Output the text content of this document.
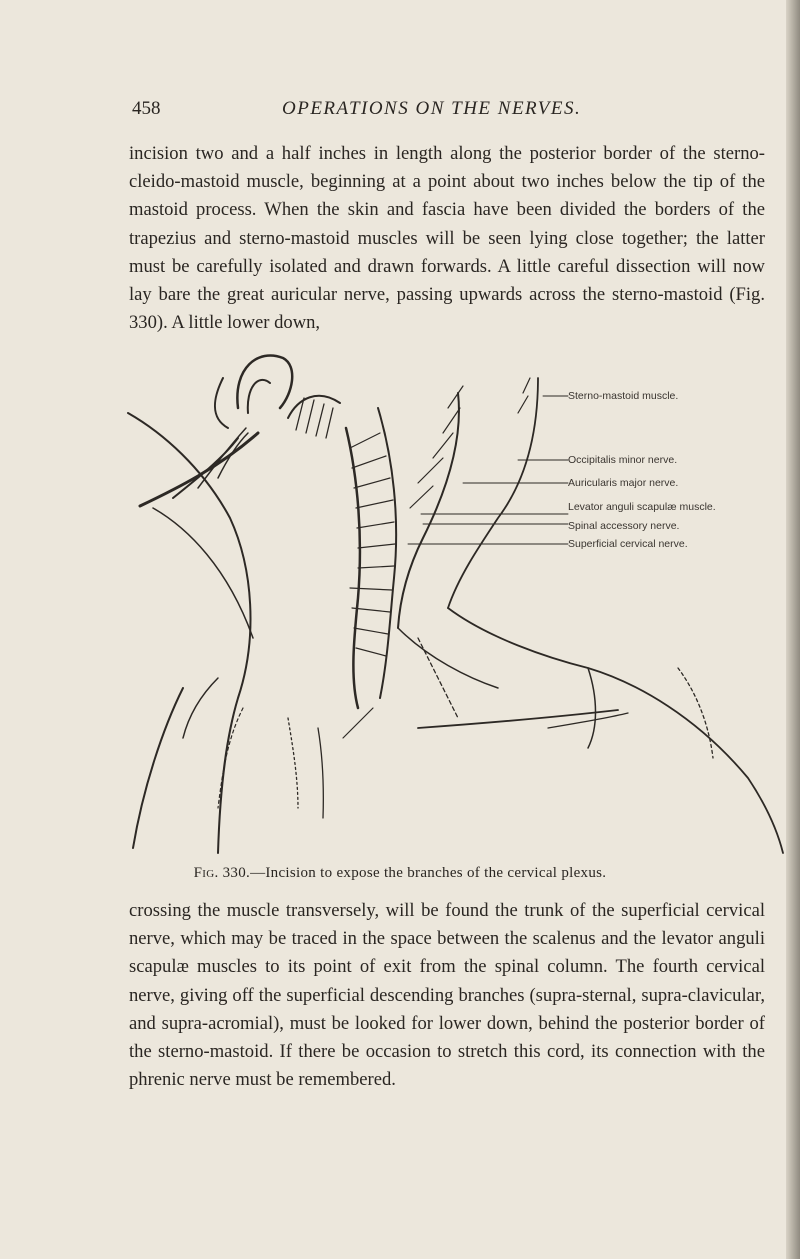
458	OPERATIONS ON THE NERVES.

incision two and a half inches in length along the posterior border of the sterno-cleido-mastoid muscle, beginning at a point about two inches below the tip of the mastoid process. When the skin and fascia have been divided the borders of the trapezius and sterno-mastoid muscles will be seen lying close together; the latter must be carefully isolated and drawn forwards. A little careful dissection will now lay bare the great auricular nerve, passing upwards across the sterno-mastoid (Fig. 330). A little lower down,

Sterno-mastoid muscle.
Occipitalis minor nerve.
Auricularis major nerve.
Levator anguli scapulæ muscle.
Spinal accessory nerve.
Superficial cervical nerve.
Fig. 330.—Incision to expose the branches of the cervical plexus.

crossing the muscle transversely, will be found the trunk of the superficial cervical nerve, which may be traced in the space between the scalenus and the levator anguli scapulæ muscles to its point of exit from the spinal column. The fourth cervical nerve, giving off the superficial descending branches (supra-sternal, supra-clavicular, and supra-acromial), must be looked for lower down, behind the posterior border of the sterno-mastoid. If there be occasion to stretch this cord, its connection with the phrenic nerve must be remembered.
